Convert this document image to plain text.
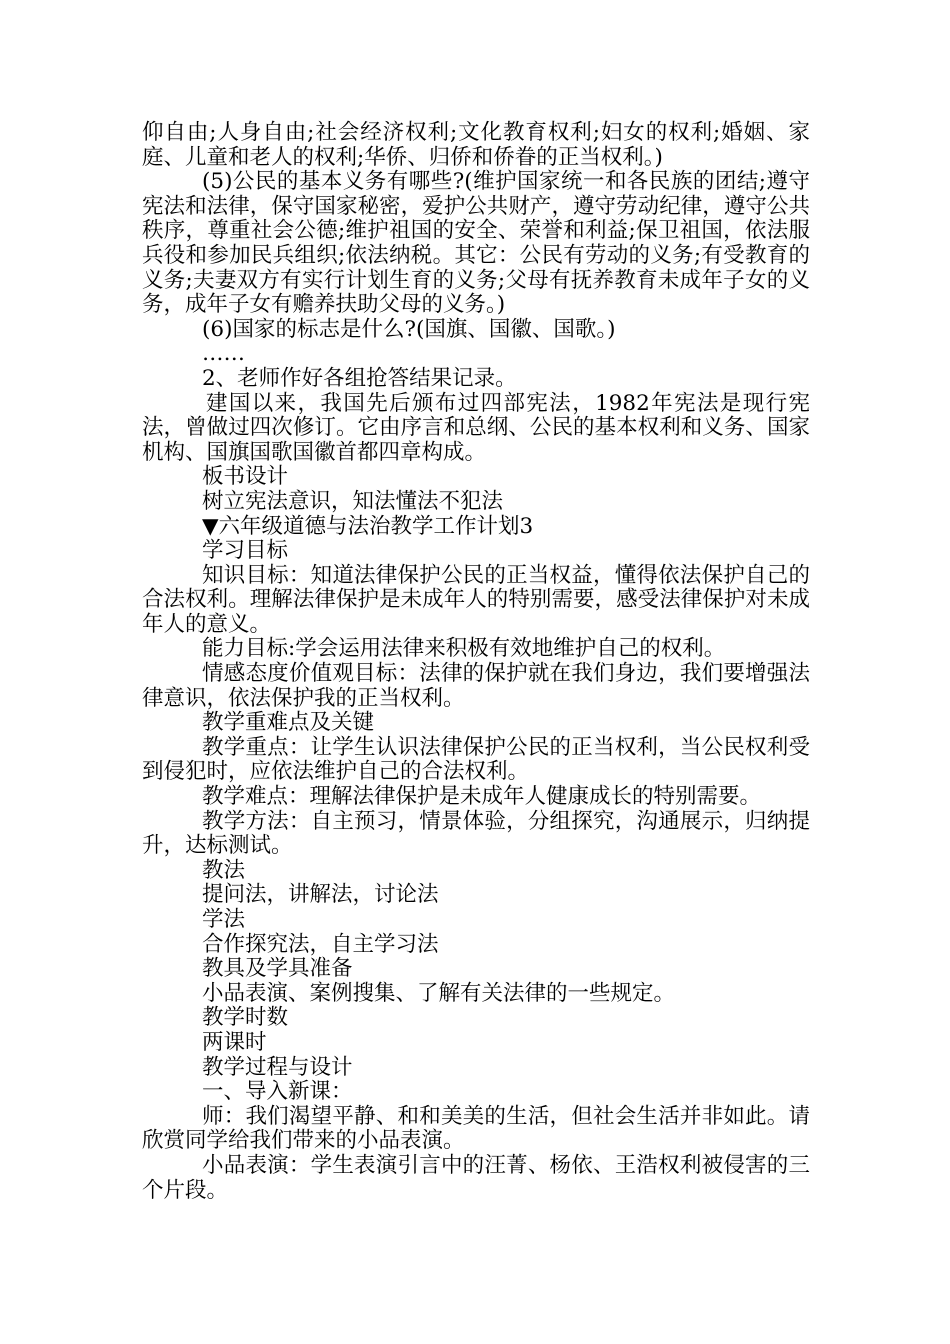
仰自由;人身自由;社会经济权利;文化教育权利;妇女的权利;婚姻、家庭、儿童和老人的权利;华侨、归侨和侨眷的正当权利。)

(5)公民的基本义务有哪些?(维护国家统一和各民族的团结;遵守宪法和法律，保守国家秘密，爱护公共财产，遵守劳动纪律，遵守公共秩序，尊重社会公德;维护祖国的安全、荣誉和利益;保卫祖国，依法服兵役和参加民兵组织;依法纳税。其它：公民有劳动的义务;有受教育的义务;夫妻双方有实行计划生育的义务;父母有抚养教育未成年子女的义务，成年子女有赡养扶助父母的义务。)

(6)国家的标志是什么?(国旗、国徽、国歌。)

……

2、老师作好各组抢答结果记录。

建国以来，我国先后颁布过四部宪法，1982年宪法是现行宪法，曾做过四次修订。它由序言和总纲、公民的基本权利和义务、国家机构、国旗国歌国徽首都四章构成。

板书设计

树立宪法意识，知法懂法不犯法

▼六年级道德与法治教学工作计划3

学习目标

知识目标：知道法律保护公民的正当权益，懂得依法保护自己的合法权利。理解法律保护是未成年人的特别需要，感受法律保护对未成年人的意义。

能力目标:学会运用法律来积极有效地维护自己的权利。

情感态度价值观目标：法律的保护就在我们身边，我们要增强法律意识，依法保护我的正当权利。

教学重难点及关键

教学重点：让学生认识法律保护公民的正当权利，当公民权利受到侵犯时，应依法维护自己的合法权利。

教学难点：理解法律保护是未成年人健康成长的特别需要。

教学方法：自主预习，情景体验，分组探究，沟通展示，归纳提升，达标测试。

教法

提问法，讲解法，讨论法

学法

合作探究法，自主学习法

教具及学具准备

小品表演、案例搜集、了解有关法律的一些规定。

教学时数

两课时

教学过程与设计

一、导入新课：

师：我们渴望平静、和和美美的生活，但社会生活并非如此。请欣赏同学给我们带来的小品表演。

小品表演：学生表演引言中的汪菁、杨依、王浩权利被侵害的三个片段。
